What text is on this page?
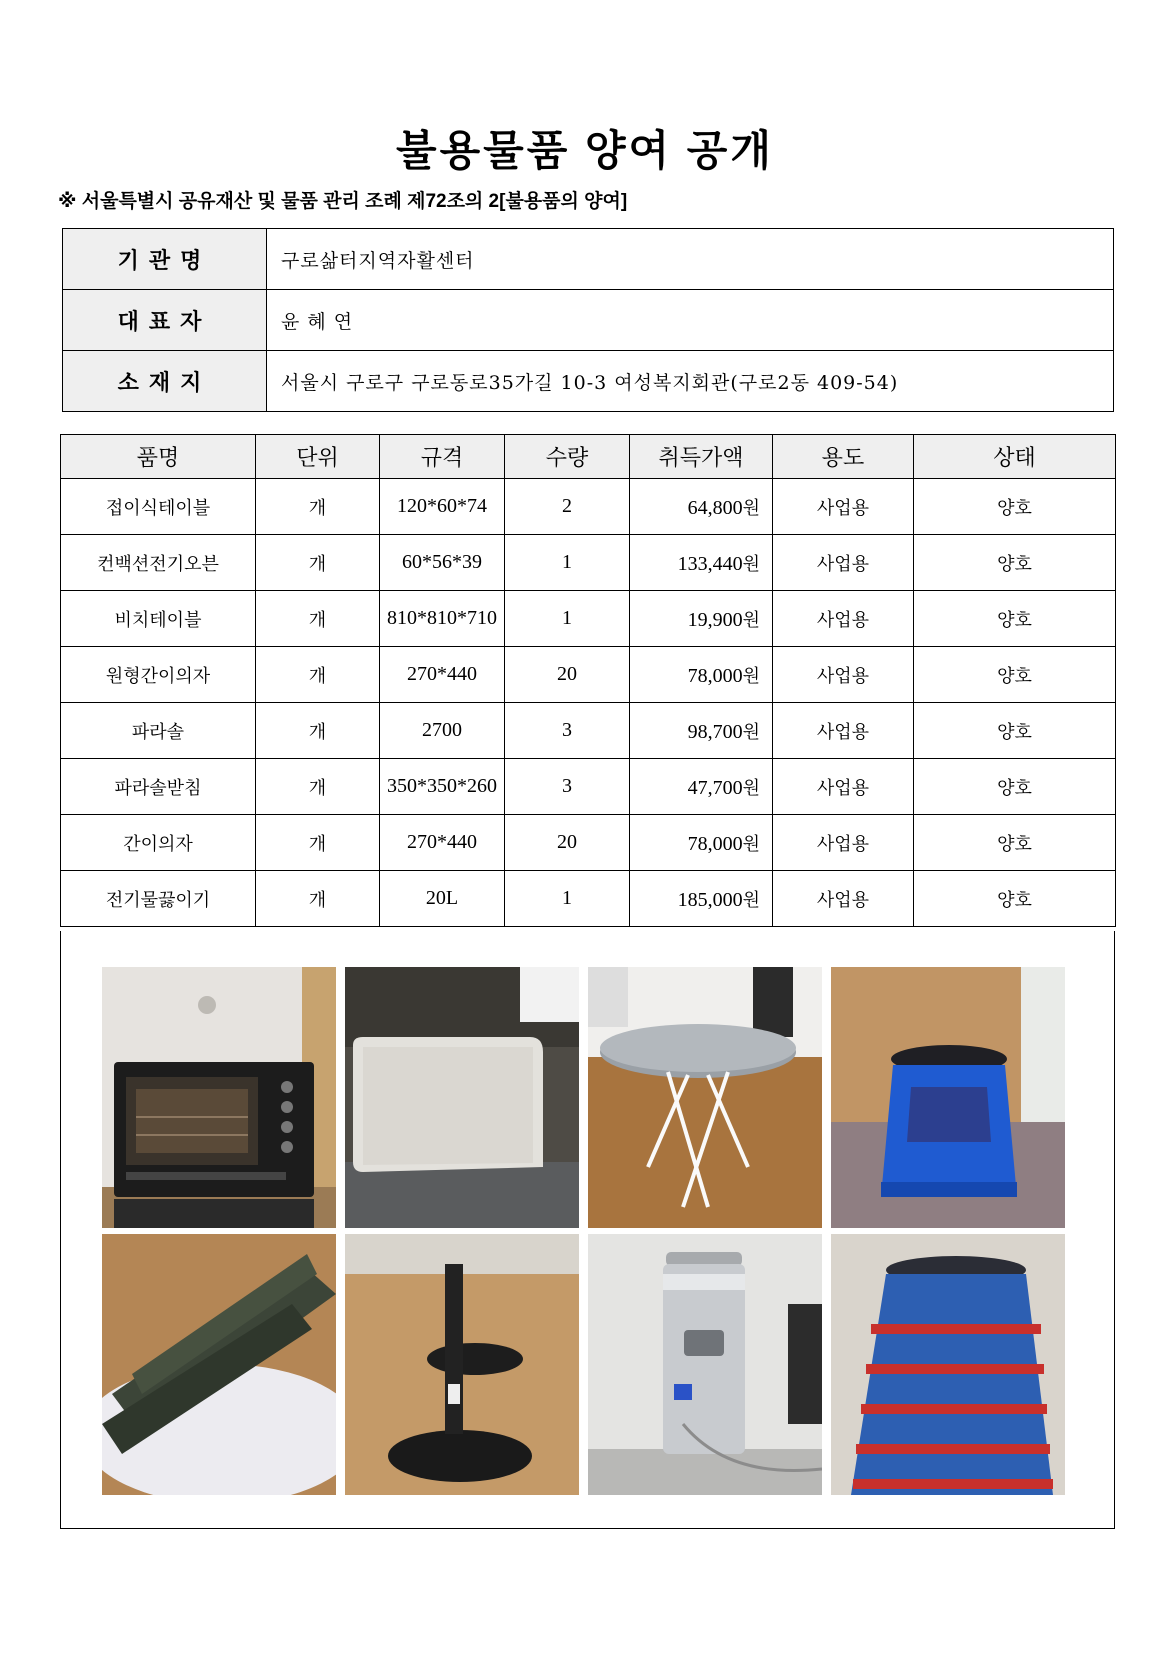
불용물품 양여 공개
※ 서울특별시 공유재산 및 물품 관리 조례 제72조의 2[불용품의 양여]
기관명	구로삶터지역자활센터
대표자	윤 혜 연
소재지	서울시 구로구 구로동로35가길 10-3 여성복지회관(구로2동 409-54)
품명	단위	규격	수량	취득가액	용도	상태
접이식테이블	개	120*60*74	2	64,800원	사업용	양호
컨백션전기오븐	개	60*56*39	1	133,440원	사업용	양호
비치테이블	개	810*810*710	1	19,900원	사업용	양호
원형간이의자	개	270*440	20	78,000원	사업용	양호
파라솔	개	2700	3	98,700원	사업용	양호
파라솔받침	개	350*350*260	3	47,700원	사업용	양호
간이의자	개	270*440	20	78,000원	사업용	양호
전기물끓이기	개	20L	1	185,000원	사업용	양호
